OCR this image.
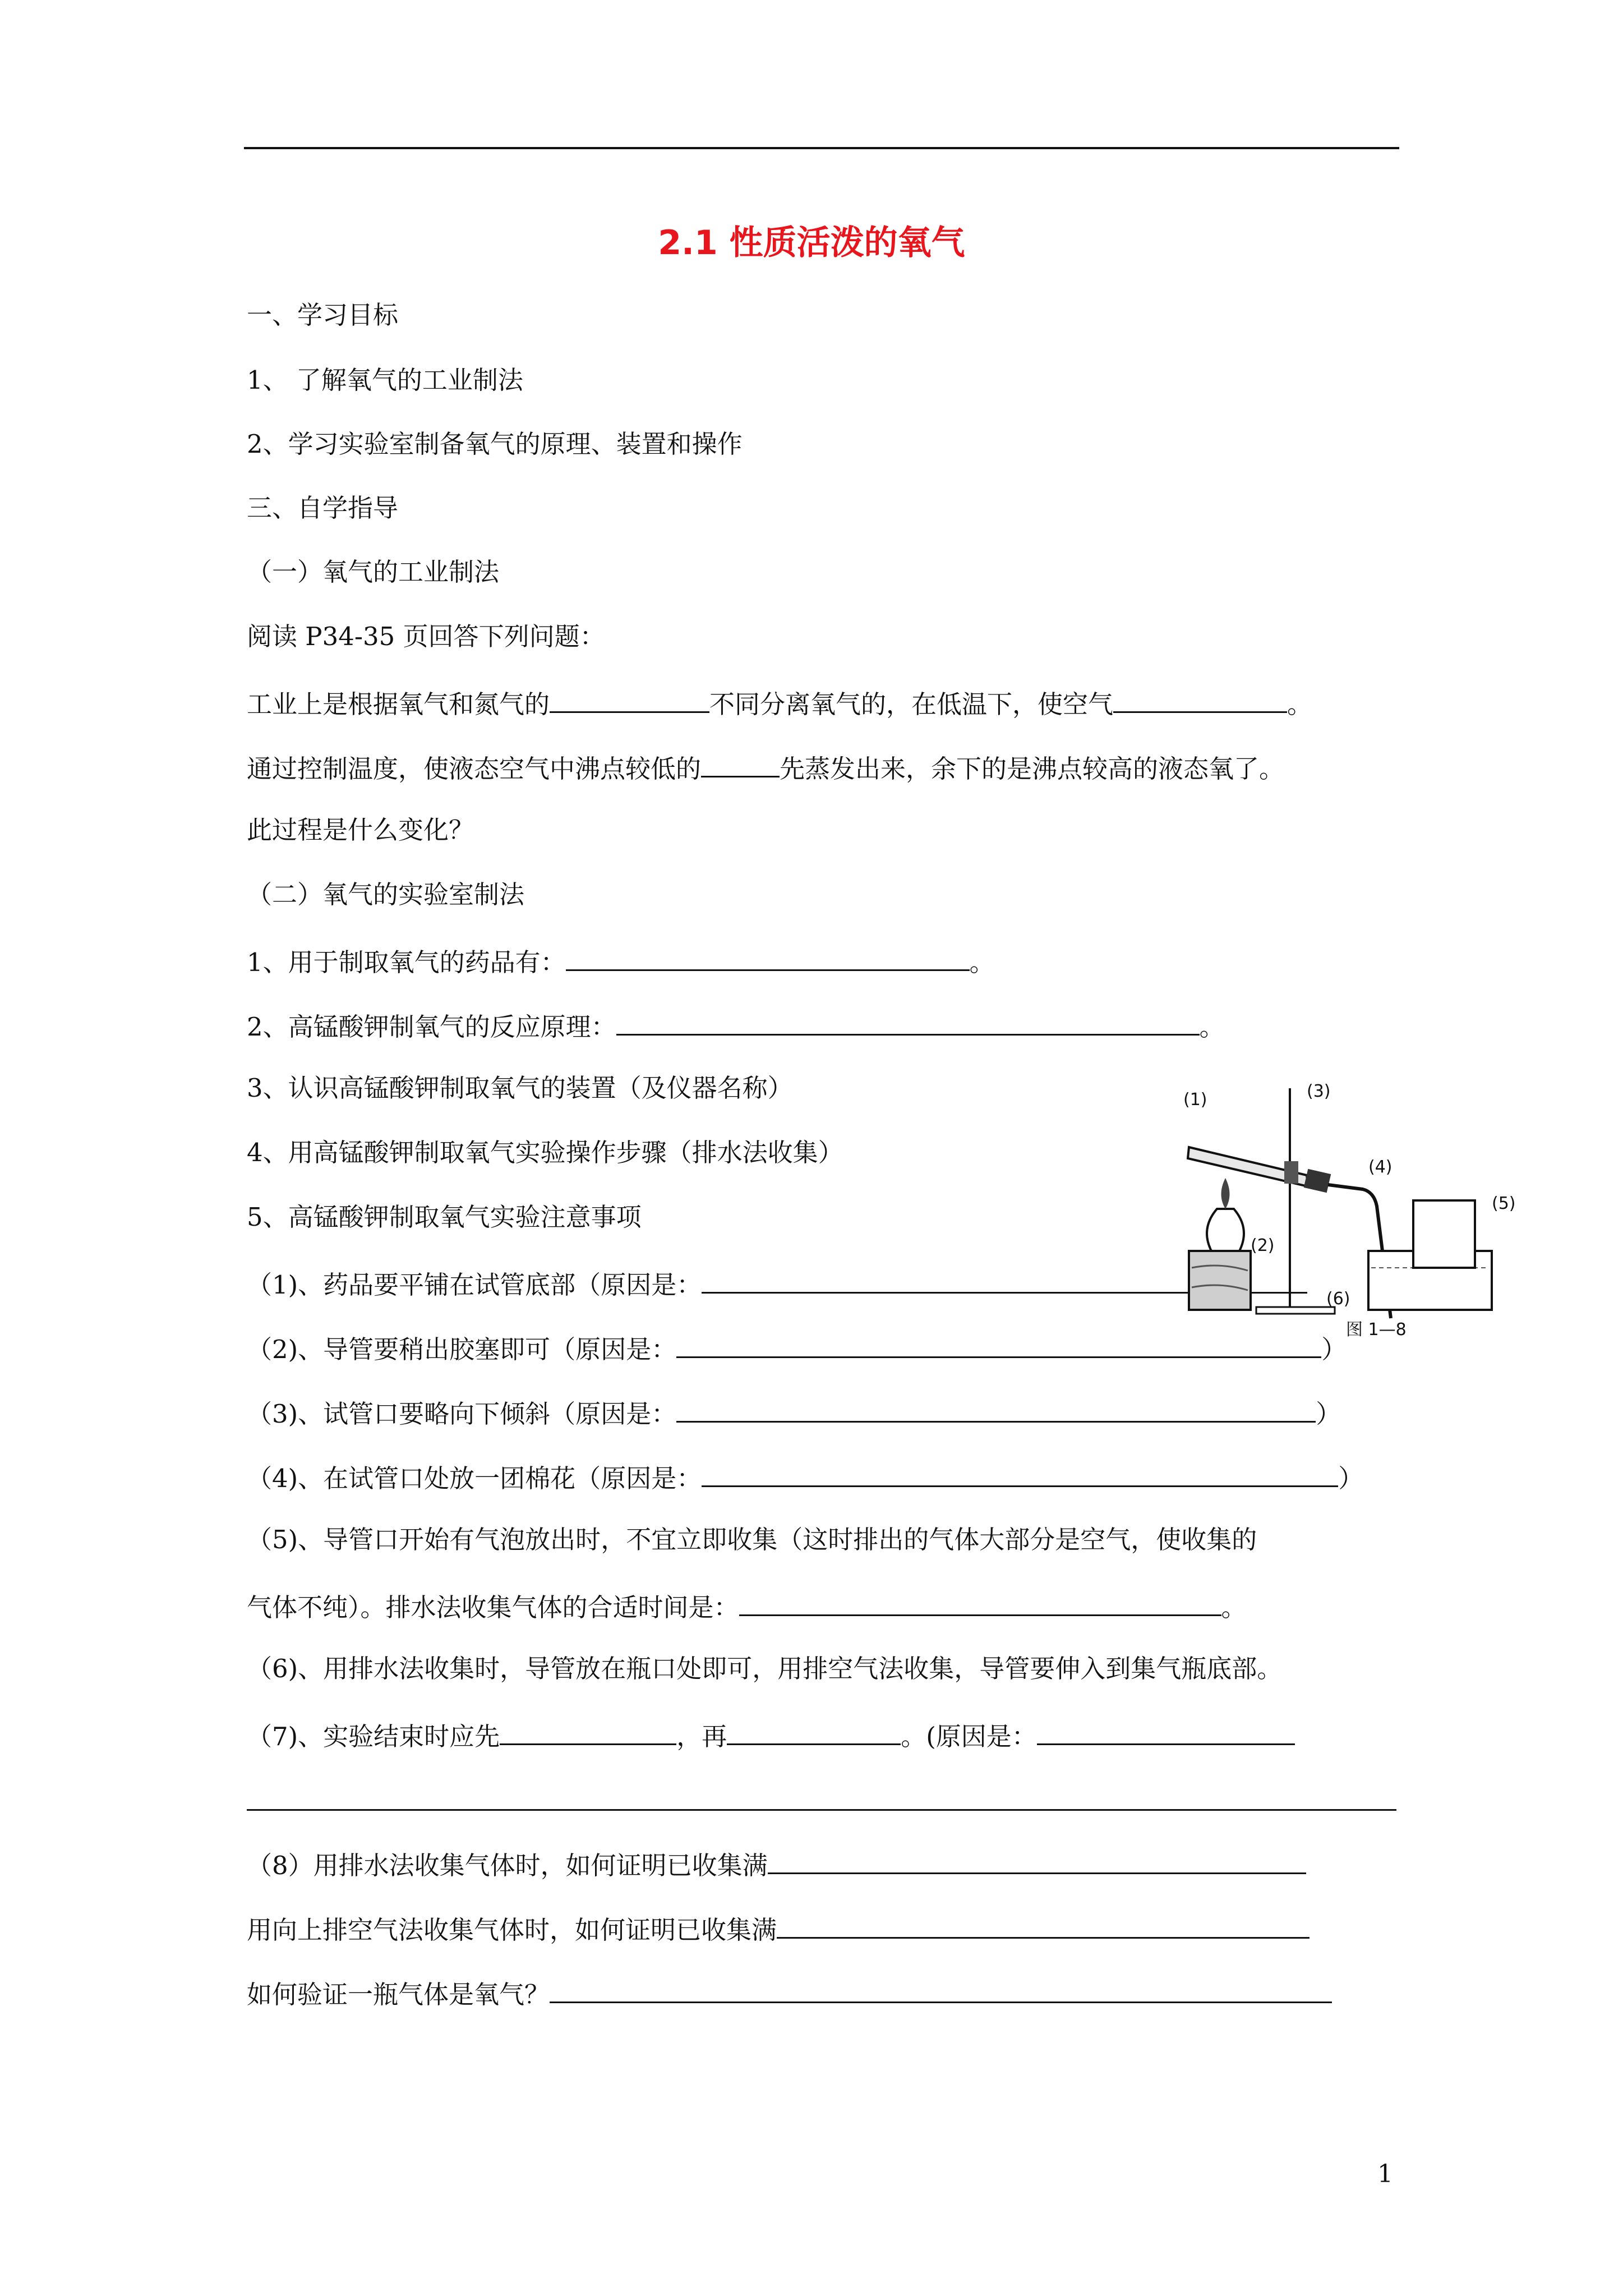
2.1 性质活泼的氧气
一、学习目标
1、 了解氧气的工业制法
2、学习实验室制备氧气的原理、装置和操作
三、自学指导
（一）氧气的工业制法
阅读 P34-35 页回答下列问题：
工业上是根据氧气和氮气的	不同分离氧气的，在低温下，使空气	。
通过控制温度，使液态空气中沸点较低的	先蒸发出来，余下的是沸点较高的液态氧了。
此过程是什么变化？
（二）氧气的实验室制法
1、用于制取氧气的药品有：	。
2、高锰酸钾制氧气的反应原理：	。
3、认识高锰酸钾制取氧气的装置（及仪器名称）
4、用高锰酸钾制取氧气实验操作步骤（排水法收集）
5、高锰酸钾制取氧气实验注意事项
（1)、药品要平铺在试管底部（原因是：
（2)、导管要稍出胶塞即可（原因是：	）
（3)、试管口要略向下倾斜（原因是：	）
（4)、在试管口处放一团棉花（原因是：	）
（5)、导管口开始有气泡放出时，不宜立即收集（这时排出的气体大部分是空气，使收集的
气体不纯）。排水法收集气体的合适时间是：	。
（6)、用排水法收集时，导管放在瓶口处即可，用排空气法收集，导管要伸入到集气瓶底部。
（7)、实验结束时应先	，再	。(原因是：
（8）用排水法收集气体时，如何证明已收集满
用向上排空气法收集气体时，如何证明已收集满
如何验证一瓶气体是氧气？
(1)
(2)
(3)
(4)
(5)
(6)
图 1—8
1
